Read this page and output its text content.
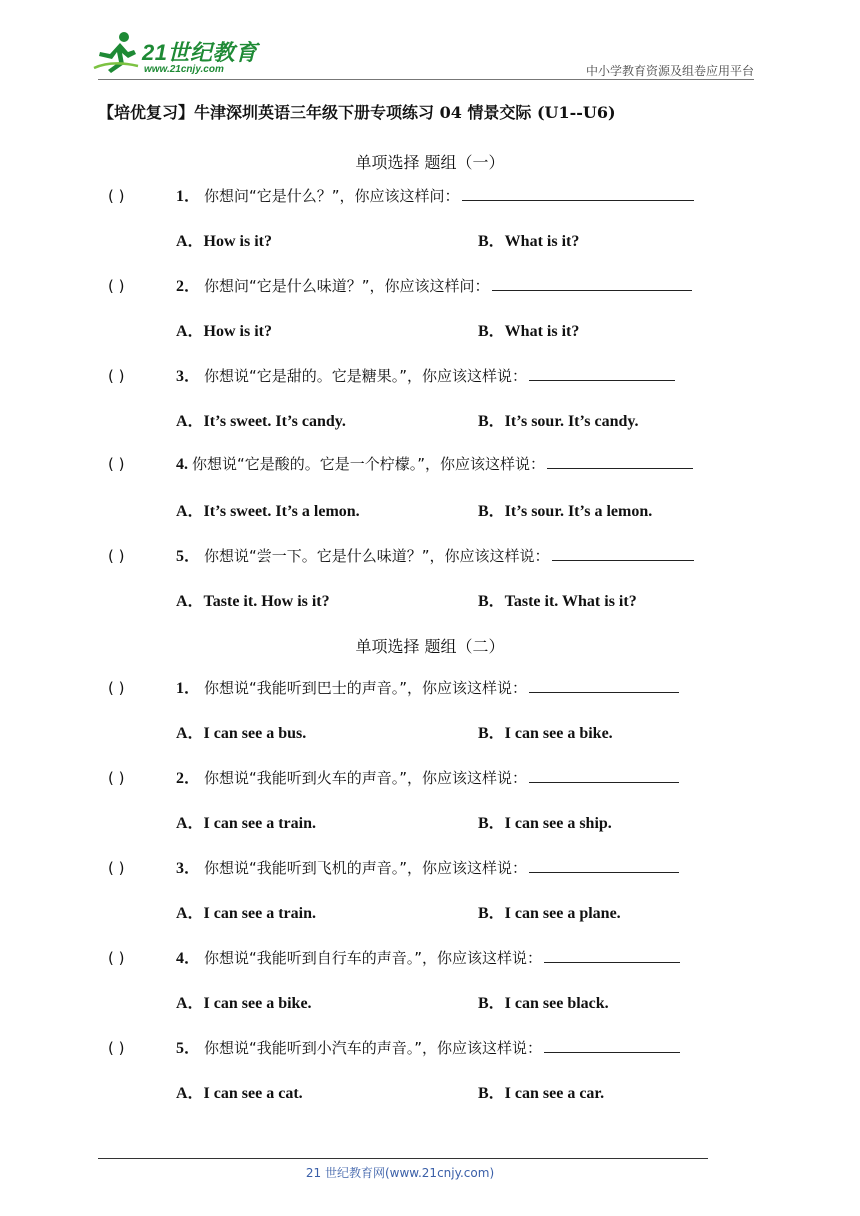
21世纪教育
www.21cnjy.com	中小学教育资源及组卷应用平台
【培优复习】牛津深圳英语三年级下册专项练习 04 情景交际 (U1--U6)
单项选择 题组（一）
( )	1． 你想问“它是什么？”，你应该这样问：
A．How is it?	B．What is it?
( )	2． 你想问“它是什么味道？”，你应该这样问：
A．How is it?	B．What is it?
( )	3． 你想说“它是甜的。它是糖果。”，你应该这样说：
A．It’s sweet. It’s candy.	B．It’s sour. It’s candy.
( )	4. 你想说“它是酸的。它是一个柠檬。”，你应该这样说：
A．It’s sweet. It’s a lemon.	B．It’s sour. It’s a lemon.
( )	5． 你想说“尝一下。它是什么味道？”，你应该这样说：
A．Taste it. How is it?	B．Taste it. What is it?
单项选择 题组（二）
( )	1． 你想说“我能听到巴士的声音。”，你应该这样说：
A．I can see a bus.	B．I can see a bike.
( )	2． 你想说“我能听到火车的声音。”，你应该这样说：
A．I can see a train.	B．I can see a ship.
( )	3． 你想说“我能听到飞机的声音。”，你应该这样说：
A．I can see a train.	B．I can see a plane.
( )	4． 你想说“我能听到自行车的声音。”，你应该这样说：
A．I can see a bike.	B．I can see black.
( )	5． 你想说“我能听到小汽车的声音。”，你应该这样说：
A．I can see a cat.	B．I can see a car.
21 世纪教育网(www.21cnjy.com)
